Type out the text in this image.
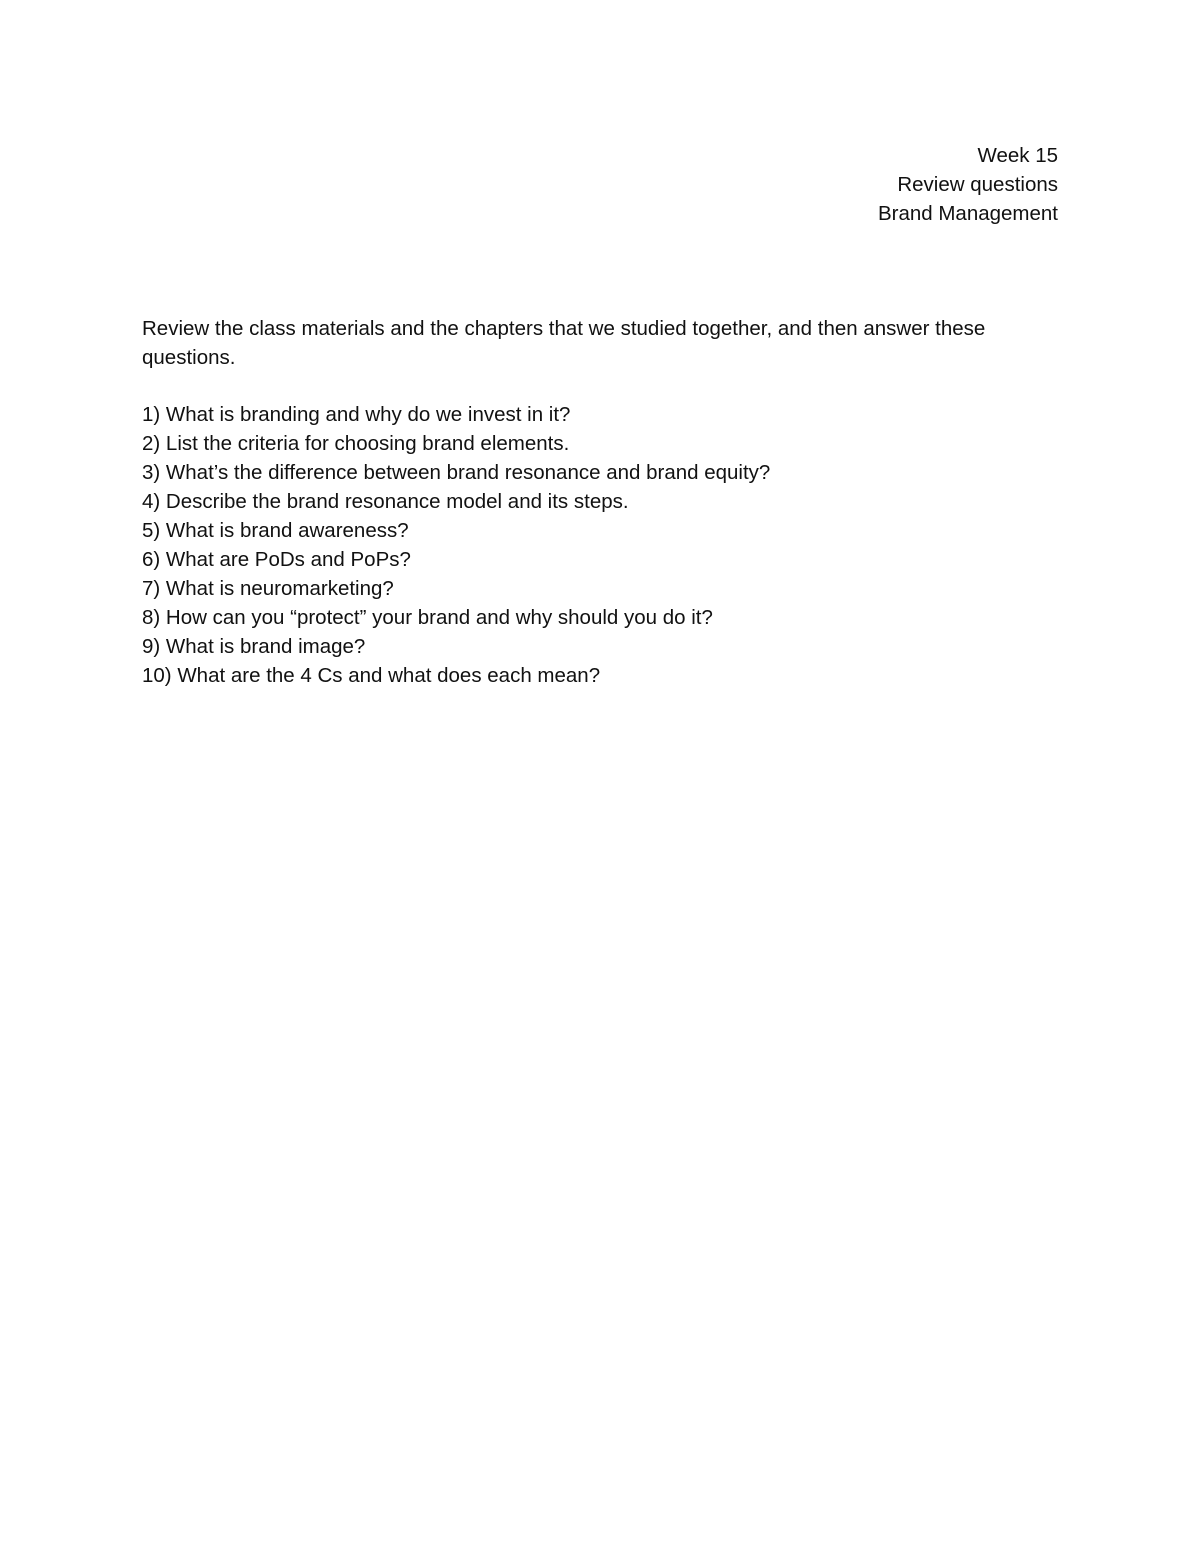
Week 15
Review questions
Brand Management

Review the class materials and the chapters that we studied together, and then answer these questions.

1) What is branding and why do we invest in it?
2) List the criteria for choosing brand elements.
3) What’s the difference between brand resonance and brand equity?
4) Describe the brand resonance model and its steps.
5) What is brand awareness?
6) What are PoDs and PoPs?
7) What is neuromarketing?
8) How can you “protect” your brand and why should you do it?
9) What is brand image?
10) What are the 4 Cs and what does each mean?
